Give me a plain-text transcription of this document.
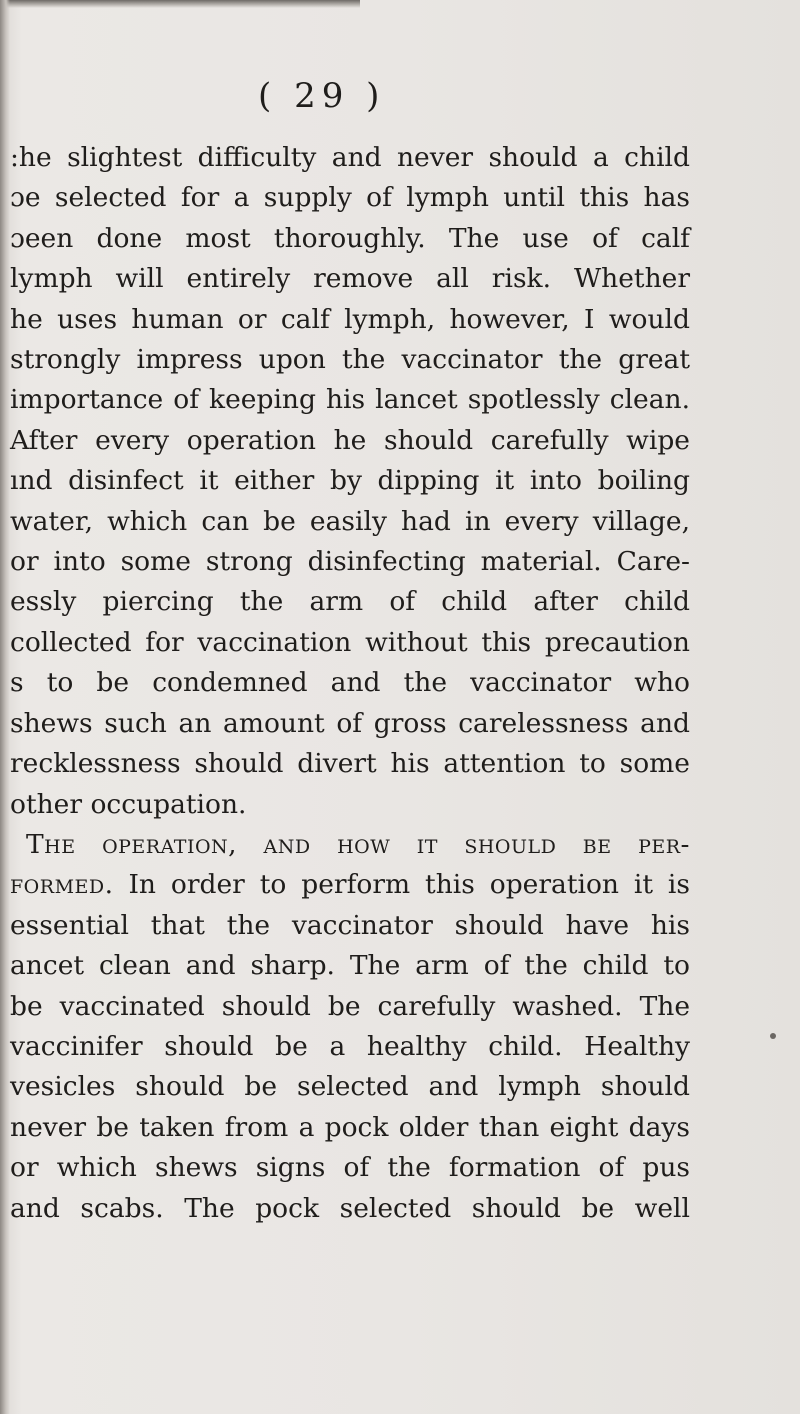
( 29 )
:he slightest difficulty and never should a child
ɔe selected for a supply of lymph until this has
ɔeen done most thoroughly. The use of calf
lymph will entirely remove all risk. Whether
he uses human or calf lymph, however, I would
strongly impress upon the vaccinator the great
importance of keeping his lancet spotlessly clean.
After every operation he should carefully wipe
ınd disinfect it either by dipping it into boiling
water, which can be easily had in every village,
or into some strong disinfecting material. Care-
essly piercing the arm of child after child
collected for vaccination without this precaution
s to be condemned and the vaccinator who
shews such an amount of gross carelessness and
recklessness should divert his attention to some
other occupation.
The operation, and how it should be per-
formed. In order to perform this operation it is
essential that the vaccinator should have his
ancet clean and sharp. The arm of the child to
be vaccinated should be carefully washed. The
vaccinifer should be a healthy child. Healthy
vesicles should be selected and lymph should
never be taken from a pock older than eight days
or which shews signs of the formation of pus
and scabs. The pock selected should be well
